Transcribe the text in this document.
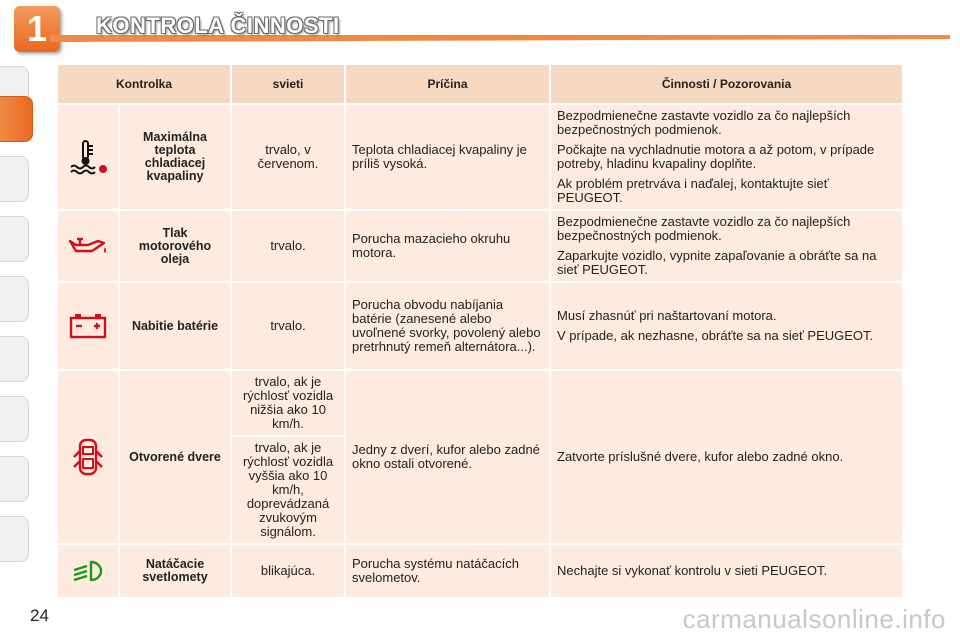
1	KONTROLA ČINNOSTI
Kontrolka		svieti	Príčina	Činnosti / Pozorovania

	Maximálna teplota chladiacej kvapaliny	trvalo, v červenom.	Teplota chladiacej kvapaliny je príliš vysoká.	Bezpodmienečne zastavte vozidlo za čo najlepších bezpečnostných podmienok.

Počkajte na vychladnutie motora a až potom, v prípade potreby, hladinu kvapaliny doplňte.

Ak problém pretrváva i naďalej, kontaktujte sieť PEUGEOT.

	Tlak motorového oleja	trvalo.	Porucha mazacieho okruhu motora.	Bezpodmienečne zastavte vozidlo za čo najlepších bezpečnostných podmienok.

Zaparkujte vozidlo, vypnite zapaľovanie a obráťte sa na sieť PEUGEOT.

	Nabitie batérie	trvalo.	Porucha obvodu nabíjania batérie (zanesené alebo uvoľnené svorky, povolený alebo pretrhnutý remeň alternátora...).	Musí zhasnúť pri naštartovaní motora.

V prípade, ak nezhasne, obráťte sa na sieť PEUGEOT.

	Otvorené dvere	trvalo, ak je rýchlosť vozidla nižšia ako 10 km/h.	Jedny z dverí, kufor alebo zadné okno ostali otvorené.	Zatvorte príslušné dvere, kufor alebo zadné okno.

		trvalo, ak je rýchlosť vozidla vyššia ako 10 km/h, doprevádzaná zvukovým signálom.		

	Natáčacie svetlomety	blikajúca.	Porucha systému natáčacích svelometov.	Nechajte si vykonať kontrolu v sieti PEUGEOT.

24	carmanualsonline.info
